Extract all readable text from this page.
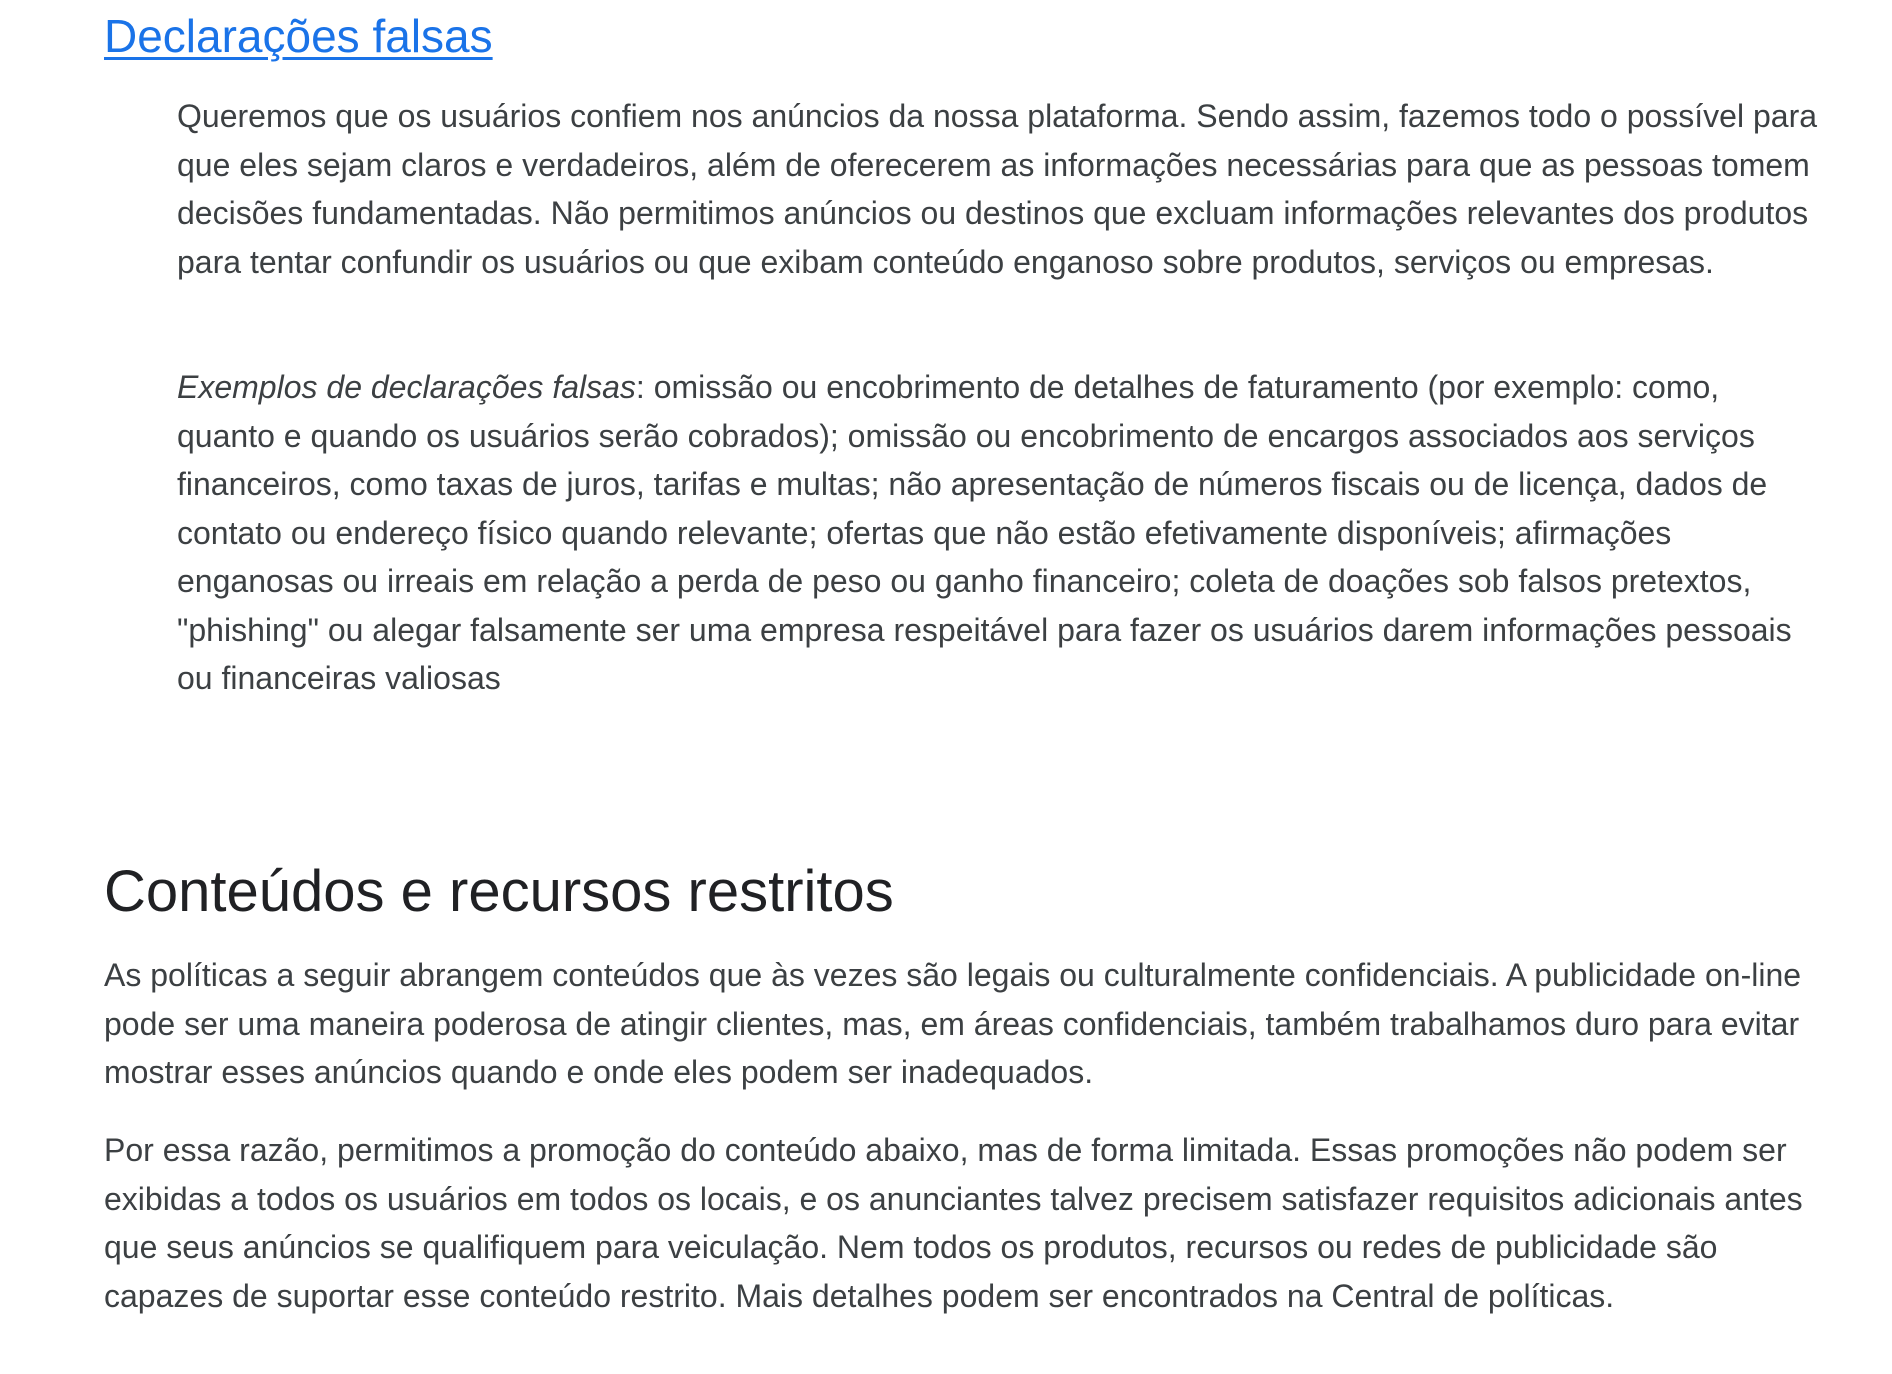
Declarações falsas

Queremos que os usuários confiem nos anúncios da nossa plataforma. Sendo assim, fazemos todo o possível para que eles sejam claros e verdadeiros, além de oferecerem as informações necessárias para que as pessoas tomem decisões fundamentadas. Não permitimos anúncios ou destinos que excluam informações relevantes dos produtos para tentar confundir os usuários ou que exibam conteúdo enganoso sobre produtos, serviços ou empresas.

Exemplos de declarações falsas: omissão ou encobrimento de detalhes de faturamento (por exemplo: como, quanto e quando os usuários serão cobrados); omissão ou encobrimento de encargos associados aos serviços financeiros, como taxas de juros, tarifas e multas; não apresentação de números fiscais ou de licença, dados de contato ou endereço físico quando relevante; ofertas que não estão efetivamente disponíveis; afirmações enganosas ou irreais em relação a perda de peso ou ganho financeiro; coleta de doações sob falsos pretextos, "phishing" ou alegar falsamente ser uma empresa respeitável para fazer os usuários darem informações pessoais ou financeiras valiosas

Conteúdos e recursos restritos

As políticas a seguir abrangem conteúdos que às vezes são legais ou culturalmente confidenciais. A publicidade on-line pode ser uma maneira poderosa de atingir clientes, mas, em áreas confidenciais, também trabalhamos duro para evitar mostrar esses anúncios quando e onde eles podem ser inadequados.

Por essa razão, permitimos a promoção do conteúdo abaixo, mas de forma limitada. Essas promoções não podem ser exibidas a todos os usuários em todos os locais, e os anunciantes talvez precisem satisfazer requisitos adicionais antes que seus anúncios se qualifiquem para veiculação. Nem todos os produtos, recursos ou redes de publicidade são capazes de suportar esse conteúdo restrito. Mais detalhes podem ser encontrados na Central de políticas.
